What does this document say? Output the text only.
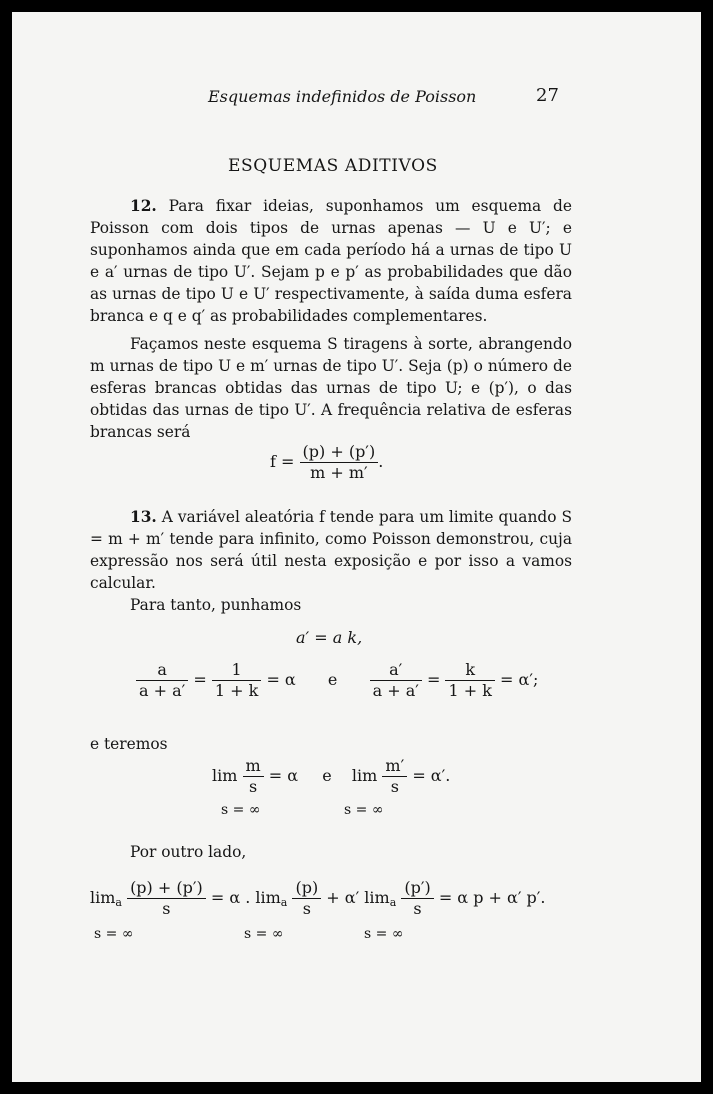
Esquemas indefinidos de Poisson	27
ESQUEMAS ADITIVOS

12. Para fixar ideias, suponhamos um esquema de Poisson com dois tipos de urnas apenas — U e U′; e suponhamos ainda que em cada período há a urnas de tipo U e a′ urnas de tipo U′. Sejam p e p′ as probabilidades que dão as urnas de tipo U e U′ respectivamente, à saída duma esfera branca e q e q′ as probabilidades complementares.

Façamos neste esquema S tiragens à sorte, abrangendo m urnas de tipo U e m′ urnas de tipo U′. Seja (p) o número de esferas brancas obtidas das urnas de tipo U; e (p′), o das obtidas das urnas de tipo U′. A frequência relativa de esferas brancas será

$f = \frac{(p) + (p')}{m + m'}$ .

13. A variável aleatória f tende para um limite quando S = m + m′ tende para infinito, como Poisson demonstrou, cuja expressão nos será útil nesta exposição e por isso a vamos calcular.

Para tanto, punhamos

a′ = a k,
$\frac{a}{a + a'} = \frac{1}{1 + k} = \alpha$ e $\frac{a'}{a + a'} = \frac{k}{1 + k} = \alpha'$;

e teremos

$\lim \frac{m}{s} = \alpha$ e $\lim \frac{m'}{s} = \alpha'$.
s = ∞	s = ∞

Por outro lado,

$\lim_a \frac{(p) + (p')}{s} = \alpha$ . $\lim_a \frac{(p)}{s} + \alpha'$ $\lim_a \frac{(p')}{s} = \alpha$ p + α′ p′.
s = ∞	s = ∞	s = ∞
